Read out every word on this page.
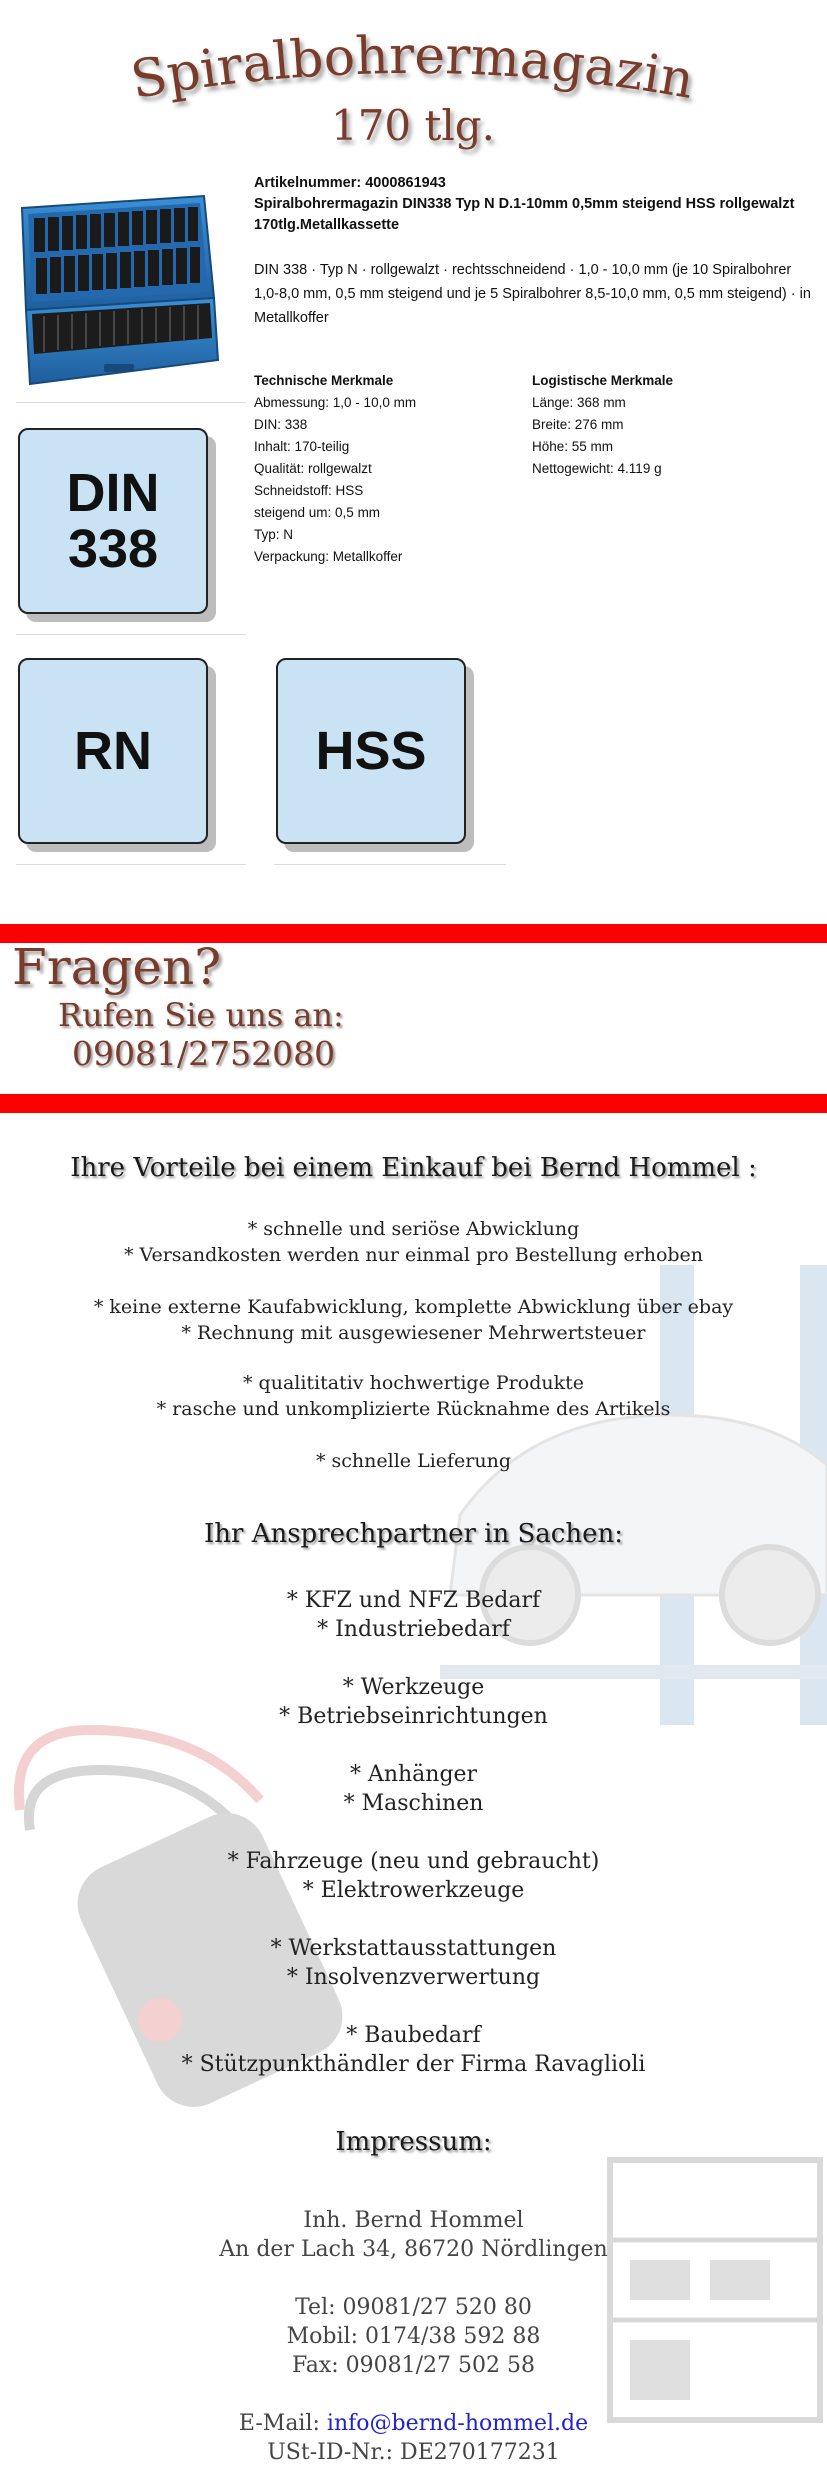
Spiralbohrermagazin
170 tlg.
Artikelnummer: 4000861943
Spiralbohrermagazin DIN338 Typ N D.1-10mm 0,5mm steigend HSS rollgewalzt 170tlg.Metallkassette
DIN 338 · Typ N · rollgewalzt · rechtsschneidend · 1,0 - 10,0 mm (je 10 Spiralbohrer 1,0-8,0 mm, 0,5 mm steigend und je 5 Spiralbohrer 8,5-10,0 mm, 0,5 mm steigend) · in Metallkoffer
Technische Merkmale
Abmessung: 1,0 - 10,0 mm
DIN: 338
Inhalt: 170-teilig
Qualität: rollgewalzt
Schneidstoff: HSS
steigend um: 0,5 mm
Typ: N
Verpackung: Metallkoffer
Logistische Merkmale
Länge: 368 mm
Breite: 276 mm
Höhe: 55 mm
Nettogewicht: 4.119 g
DIN
338
RN	HSS
Fragen?
Rufen Sie uns an:
09081/2752080
Ihre Vorteile bei einem Einkauf bei Bernd Hommel :
* schnelle und seriöse Abwicklung
* Versandkosten werden nur einmal pro Bestellung erhoben
* keine externe Kaufabwicklung, komplette Abwicklung über ebay
* Rechnung mit ausgewiesener Mehrwertsteuer
* qualititativ hochwertige Produkte
* rasche und unkomplizierte Rücknahme des Artikels
* schnelle Lieferung
Ihr Ansprechpartner in Sachen:
* KFZ und NFZ Bedarf
* Industriebedarf
* Werkzeuge
* Betriebseinrichtungen
* Anhänger
* Maschinen
* Fahrzeuge (neu und gebraucht)
* Elektrowerkzeuge
* Werkstattausstattungen
* Insolvenzverwertung
* Baubedarf
* Stützpunkthändler der Firma Ravaglioli
Impressum:
Inh. Bernd Hommel
An der Lach 34, 86720 Nördlingen
Tel: 09081/27 520 80
Mobil: 0174/38 592 88
Fax: 09081/27 502 58
E-Mail: info@bernd-hommel.de
USt-ID-Nr.: DE270177231
